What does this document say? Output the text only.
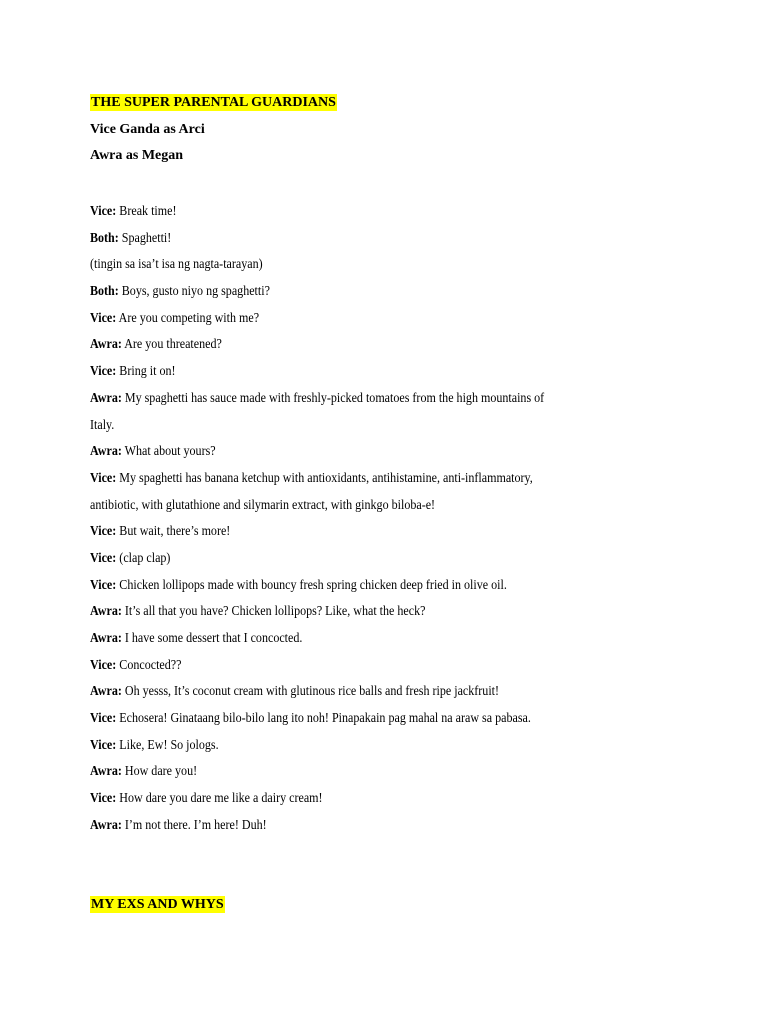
THE SUPER PARENTAL GUARDIANS
Vice Ganda as Arci
Awra as Megan
Vice: Break time!
Both: Spaghetti!
(tingin sa isa’t isa ng nagta-tarayan)
Both: Boys, gusto niyo ng spaghetti?
Vice: Are you competing with me?
Awra: Are you threatened?
Vice: Bring it on!
Awra: My spaghetti has sauce made with freshly-picked tomatoes from the high mountains of
Italy.
Awra: What about yours?
Vice: My spaghetti has banana ketchup with antioxidants, antihistamine, anti-inflammatory,
antibiotic, with glutathione and silymarin extract, with ginkgo biloba-e!
Vice: But wait, there’s more!
Vice: (clap clap)
Vice: Chicken lollipops made with bouncy fresh spring chicken deep fried in olive oil.
Awra: It’s all that you have? Chicken lollipops? Like, what the heck?
Awra: I have some dessert that I concocted.
Vice: Concocted??
Awra: Oh yesss, It’s coconut cream with glutinous rice balls and fresh ripe jackfruit!
Vice: Echosera! Ginataang bilo-bilo lang ito noh! Pinapakain pag mahal na araw sa pabasa.
Vice: Like, Ew! So jologs.
Awra: How dare you!
Vice: How dare you dare me like a dairy cream!
Awra: I’m not there. I’m here! Duh!
MY EXS AND WHYS
